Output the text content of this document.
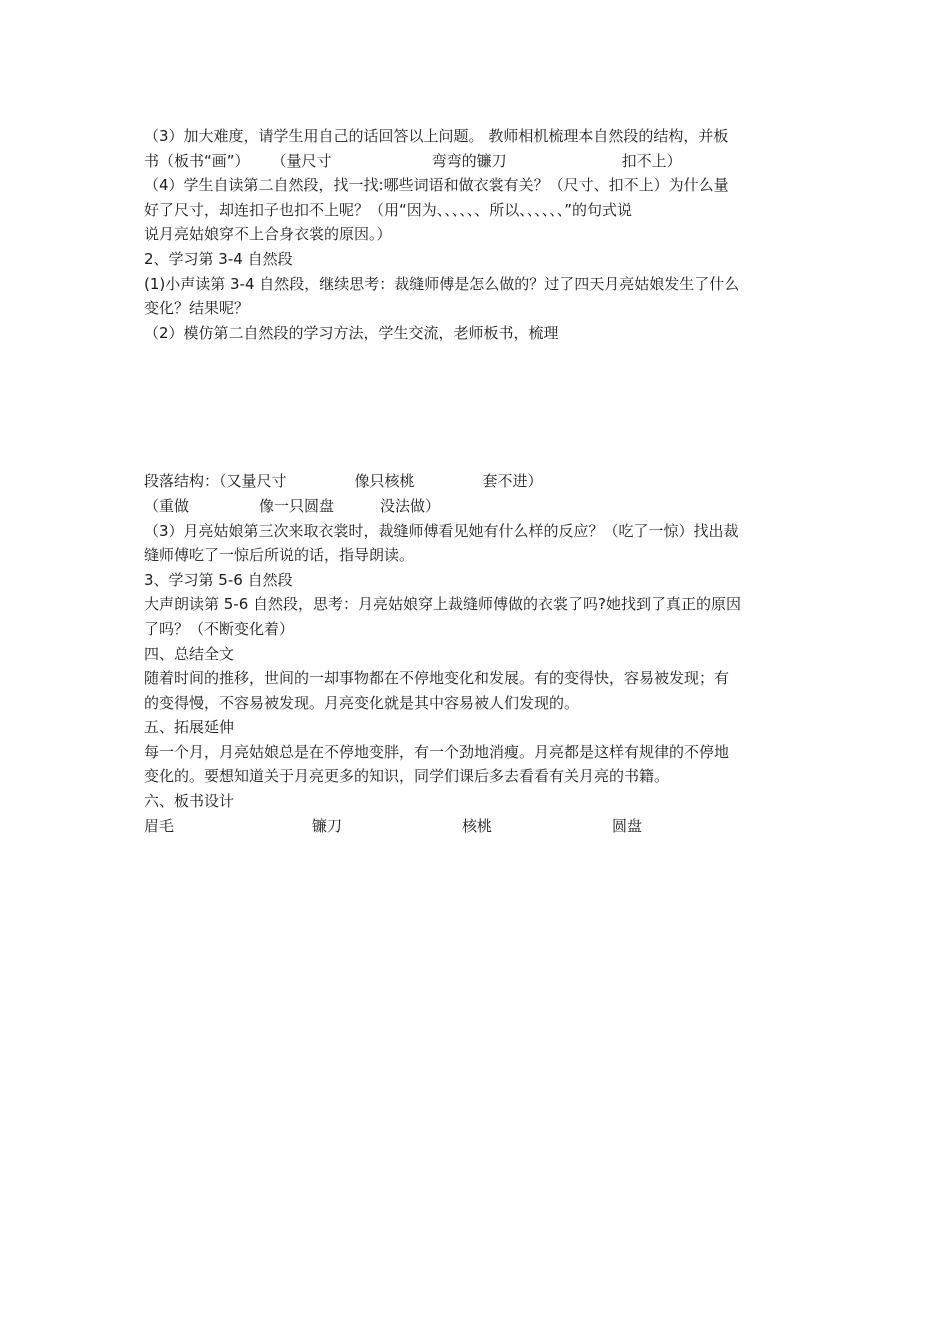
（3）加大难度，请学生用自己的话回答以上问题。 教师相机梳理本自然段的结构，并板
书（板书“画”） （量尺寸	弯弯的镰刀	扣不上）
（4）学生自读第二自然段，找一找:哪些词语和做衣裳有关？（尺寸、扣不上）为什么量
好了尺寸，却连扣子也扣不上呢？（用“因为、、、、、、所以、、、、、、”的句式说
说月亮姑娘穿不上合身衣裳的原因。）
2、学习第 3-4 自然段
(1)小声读第 3-4 自然段，继续思考：裁缝师傅是怎么做的？过了四天月亮姑娘发生了什么
变化？结果呢？
（2）模仿第二自然段的学习方法，学生交流，老师板书，梳理
段落结构：（又量尺寸	像只核桃	套不进）
（重做	像一只圆盘	没法做）
（3）月亮姑娘第三次来取衣裳时，裁缝师傅看见她有什么样的反应？（吃了一惊）找出裁
缝师傅吃了一惊后所说的话，指导朗读。
3、学习第 5-6 自然段
大声朗读第 5-6 自然段，思考：月亮姑娘穿上裁缝师傅做的衣裳了吗?她找到了真正的原因
了吗？（不断变化着）
四、总结全文
随着时间的推移，世间的一却事物都在不停地变化和发展。有的变得快，容易被发现；有
的变得慢，不容易被发现。月亮变化就是其中容易被人们发现的。
五、拓展延伸
每一个月，月亮姑娘总是在不停地变胖，有一个劲地消瘦。月亮都是这样有规律的不停地
变化的。要想知道关于月亮更多的知识，同学们课后多去看看有关月亮的书籍。
六、板书设计
眉毛	镰刀	核桃	圆盘
